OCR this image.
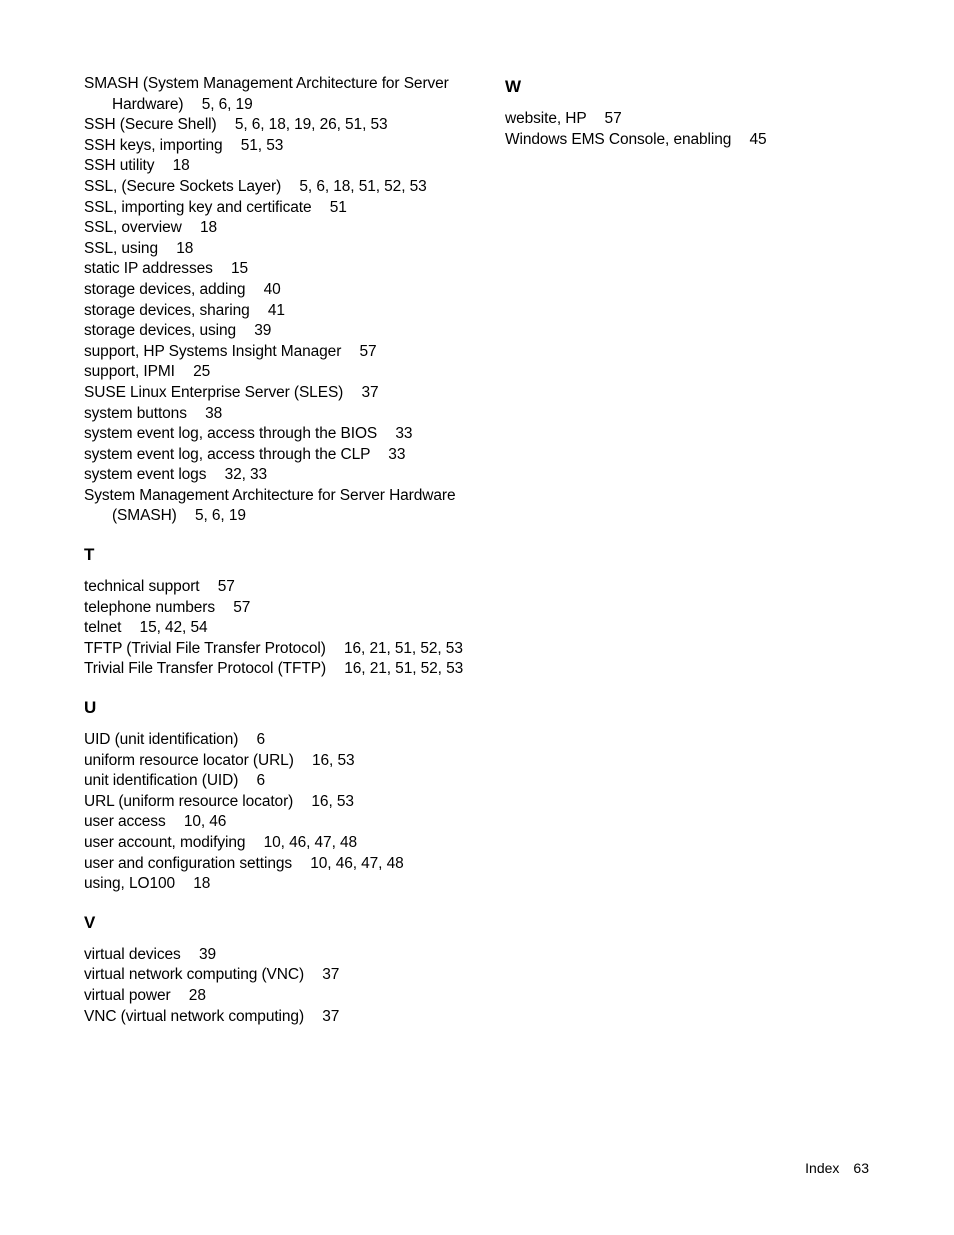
SMASH (System Management Architecture for Server Hardware) 5, 6, 19
SSH (Secure Shell) 5, 6, 18, 19, 26, 51, 53
SSH keys, importing 51, 53
SSH utility 18
SSL, (Secure Sockets Layer) 5, 6, 18, 51, 52, 53
SSL, importing key and certificate 51
SSL, overview 18
SSL, using 18
static IP addresses 15
storage devices, adding 40
storage devices, sharing 41
storage devices, using 39
support, HP Systems Insight Manager 57
support, IPMI 25
SUSE Linux Enterprise Server (SLES) 37
system buttons 38
system event log, access through the BIOS 33
system event log, access through the CLP 33
system event logs 32, 33
System Management Architecture for Server Hardware (SMASH) 5, 6, 19
T
technical support 57
telephone numbers 57
telnet 15, 42, 54
TFTP (Trivial File Transfer Protocol) 16, 21, 51, 52, 53
Trivial File Transfer Protocol (TFTP) 16, 21, 51, 52, 53
U
UID (unit identification) 6
uniform resource locator (URL) 16, 53
unit identification (UID) 6
URL (uniform resource locator) 16, 53
user access 10, 46
user account, modifying 10, 46, 47, 48
user and configuration settings 10, 46, 47, 48
using, LO100 18
V
virtual devices 39
virtual network computing (VNC) 37
virtual power 28
VNC (virtual network computing) 37
W
website, HP 57
Windows EMS Console, enabling 45
Index 63
